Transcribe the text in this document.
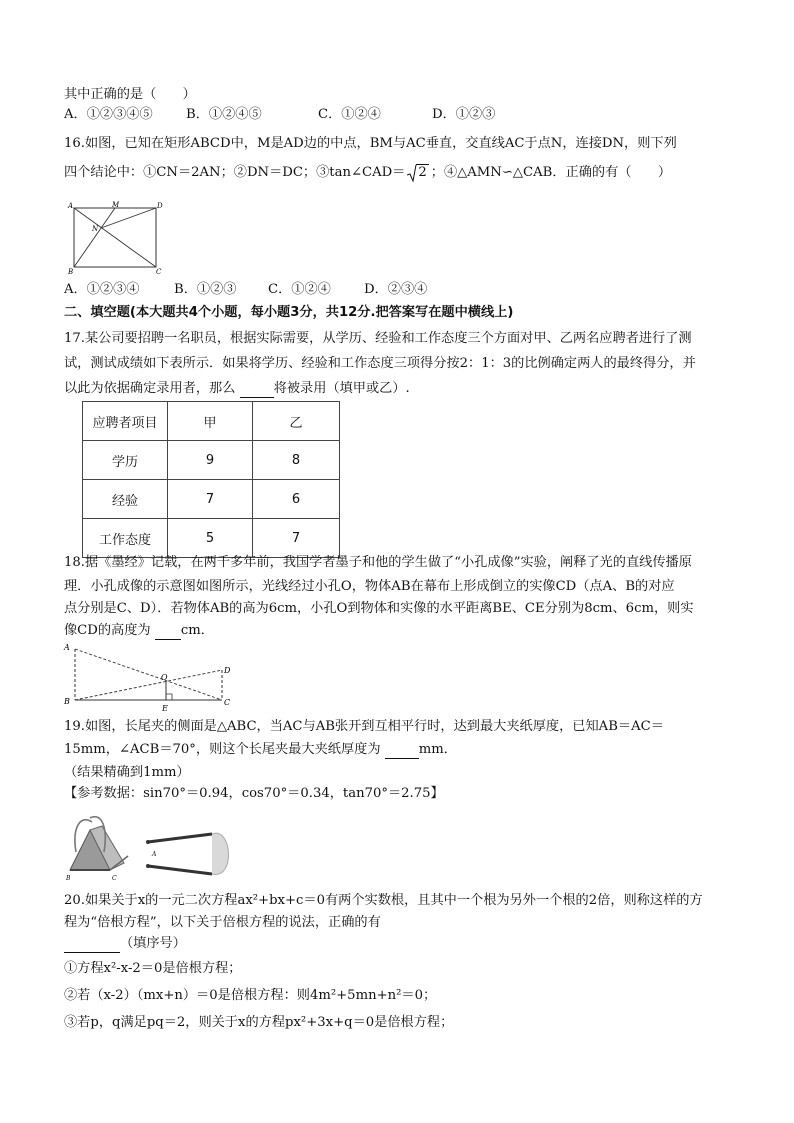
其中正确的是（　　）
A．①②③④⑤	B．①②④⑤	C．①②④	D．①②③
16.如图，已知在矩形ABCD中，M是AD边的中点，BM与AC垂直，交直线AC于点N，连接DN，则下列
四个结论中：①CN＝2AN；②DN＝DC；③tan∠CAD＝ 2 ；④△AMN∽△CAB．正确的有（　　）
A	M	D
N
B	C
A．①②③④	B．①②③ C．①②④	D．②③④
二、填空题(本大题共4个小题，每小题3分，共12分.把答案写在题中横线上)
17.某公司要招聘一名职员，根据实际需要，从学历、经验和工作态度三个方面对甲、乙两名应聘者进行了测
试，测试成绩如下表所示．如果将学历、经验和工作态度三项得分按2：1：3的比例确定两人的最终得分，并
以此为依据确定录用者，那么	将被录用（填甲或乙）.
应聘者项目	甲	乙
学历	9	8
经验	7	6
工作态度	5	7
18.据《墨经》记载，在两千多年前，我国学者墨子和他的学生做了“小孔成像”实验，阐释了光的直线传播原
理．小孔成像的示意图如图所示，光线经过小孔O，物体AB在幕布上形成倒立的实像CD（点A、B的对应
点分别是C、D）．若物体AB的高为6cm，小孔O到物体和实像的水平距离BE、CE分别为8cm、6cm，则实
像CD的高度为 cm．
A
B
O
E
D
C
19.如图，长尾夹的侧面是△ABC，当AC与AB张开到互相平行时，达到最大夹纸厚度，已知AB＝AC＝
15mm，∠ACB＝70°，则这个长尾夹最大夹纸厚度为	mm．
（结果精确到1mm）
【参考数据：sin70°＝0.94，cos70°＝0.34，tan70°＝2.75】
A
B	C
20.如果关于x的一元二次方程ax²+bx+c＝0有两个实数根，且其中一个根为另外一个根的2倍，则称这样的方
程为“倍根方程”，以下关于倍根方程的说法，正确的有
（填序号）
①方程x²-x-2＝0是倍根方程；
②若（x-2）（mx+n）＝0是倍根方程：则4m²+5mn+n²＝0；
③若p，q满足pq＝2，则关于x的方程px²+3x+q＝0是倍根方程；
